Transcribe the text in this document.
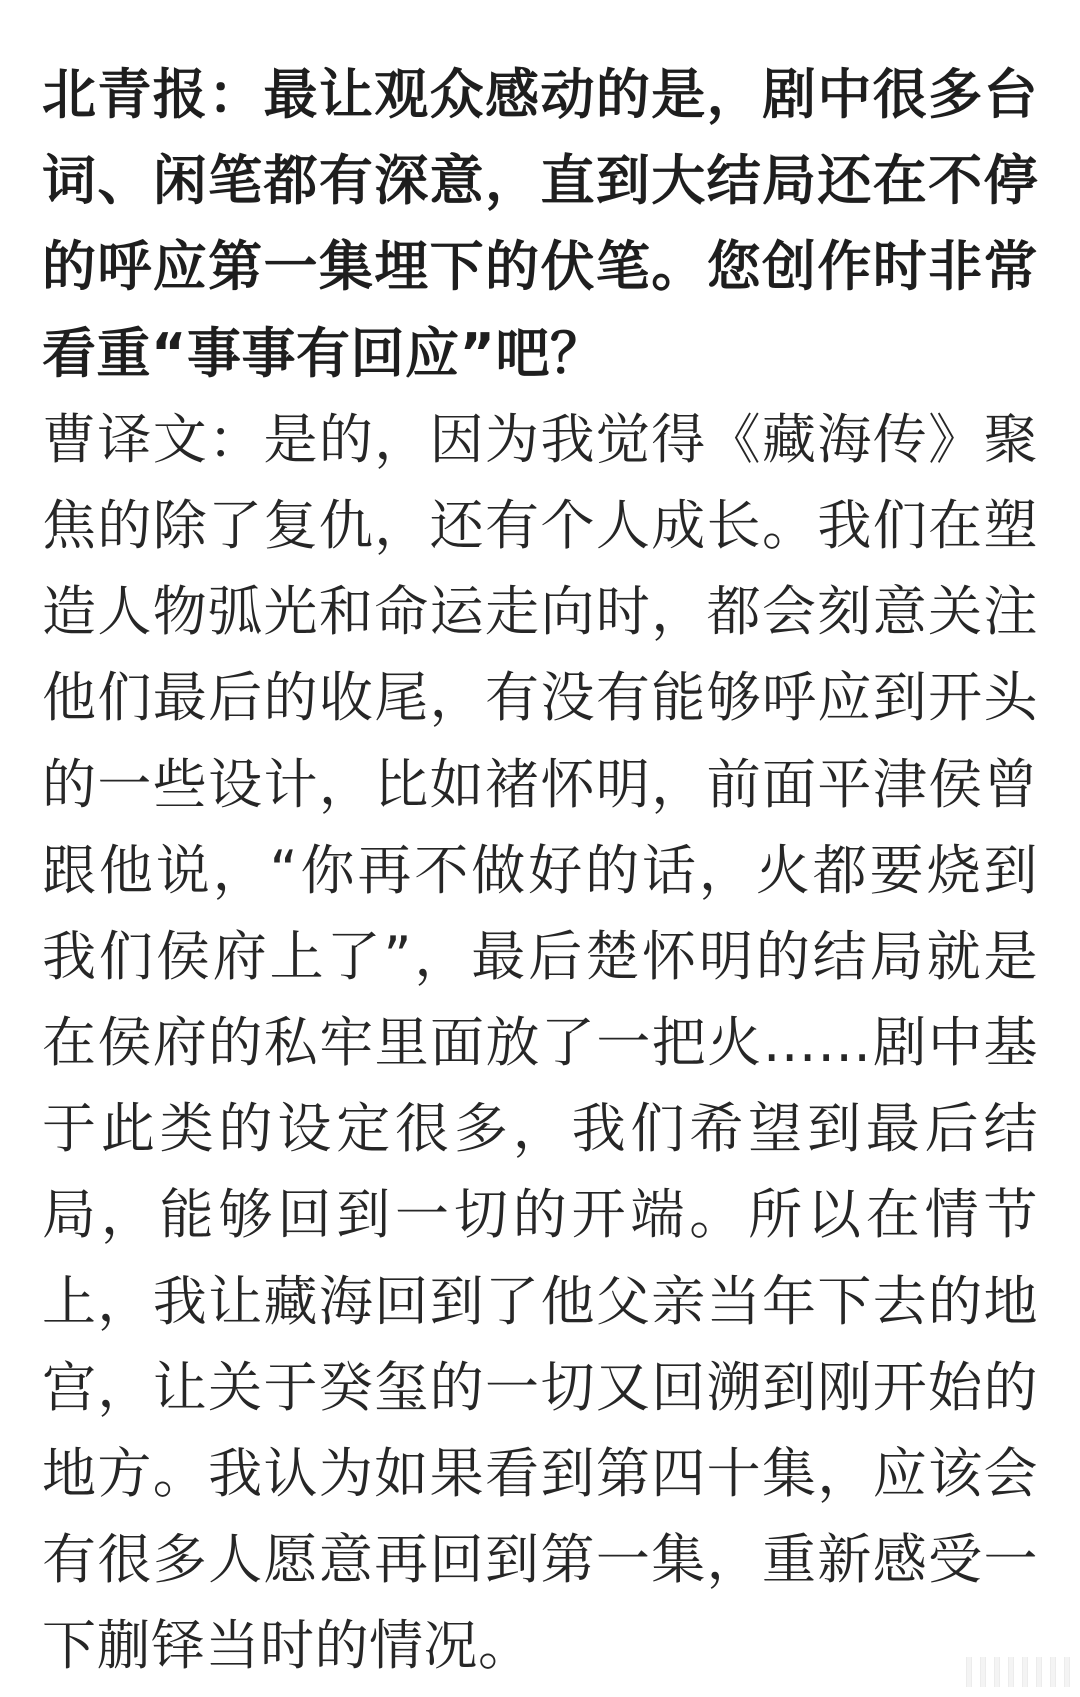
北青报：最让观众感动的是，剧中很多台
词、闲笔都有深意，直到大结局还在不停
的呼应第一集埋下的伏笔。您创作时非常
看重“事事有回应”吧？
曹译文：是的，因为我觉得《藏海传》聚
焦的除了复仇，还有个人成长。我们在塑
造人物弧光和命运走向时，都会刻意关注
他们最后的收尾，有没有能够呼应到开头
的一些设计，比如褚怀明，前面平津侯曾
跟他说，“你再不做好的话，火都要烧到
我们侯府上了”，最后楚怀明的结局就是
在侯府的私牢里面放了一把火……剧中基
于此类的设定很多，我们希望到最后结
局，能够回到一切的开端。所以在情节
上，我让藏海回到了他父亲当年下去的地
宫，让关于癸玺的一切又回溯到刚开始的
地方。我认为如果看到第四十集，应该会
有很多人愿意再回到第一集，重新感受一
下蒯铎当时的情况。
